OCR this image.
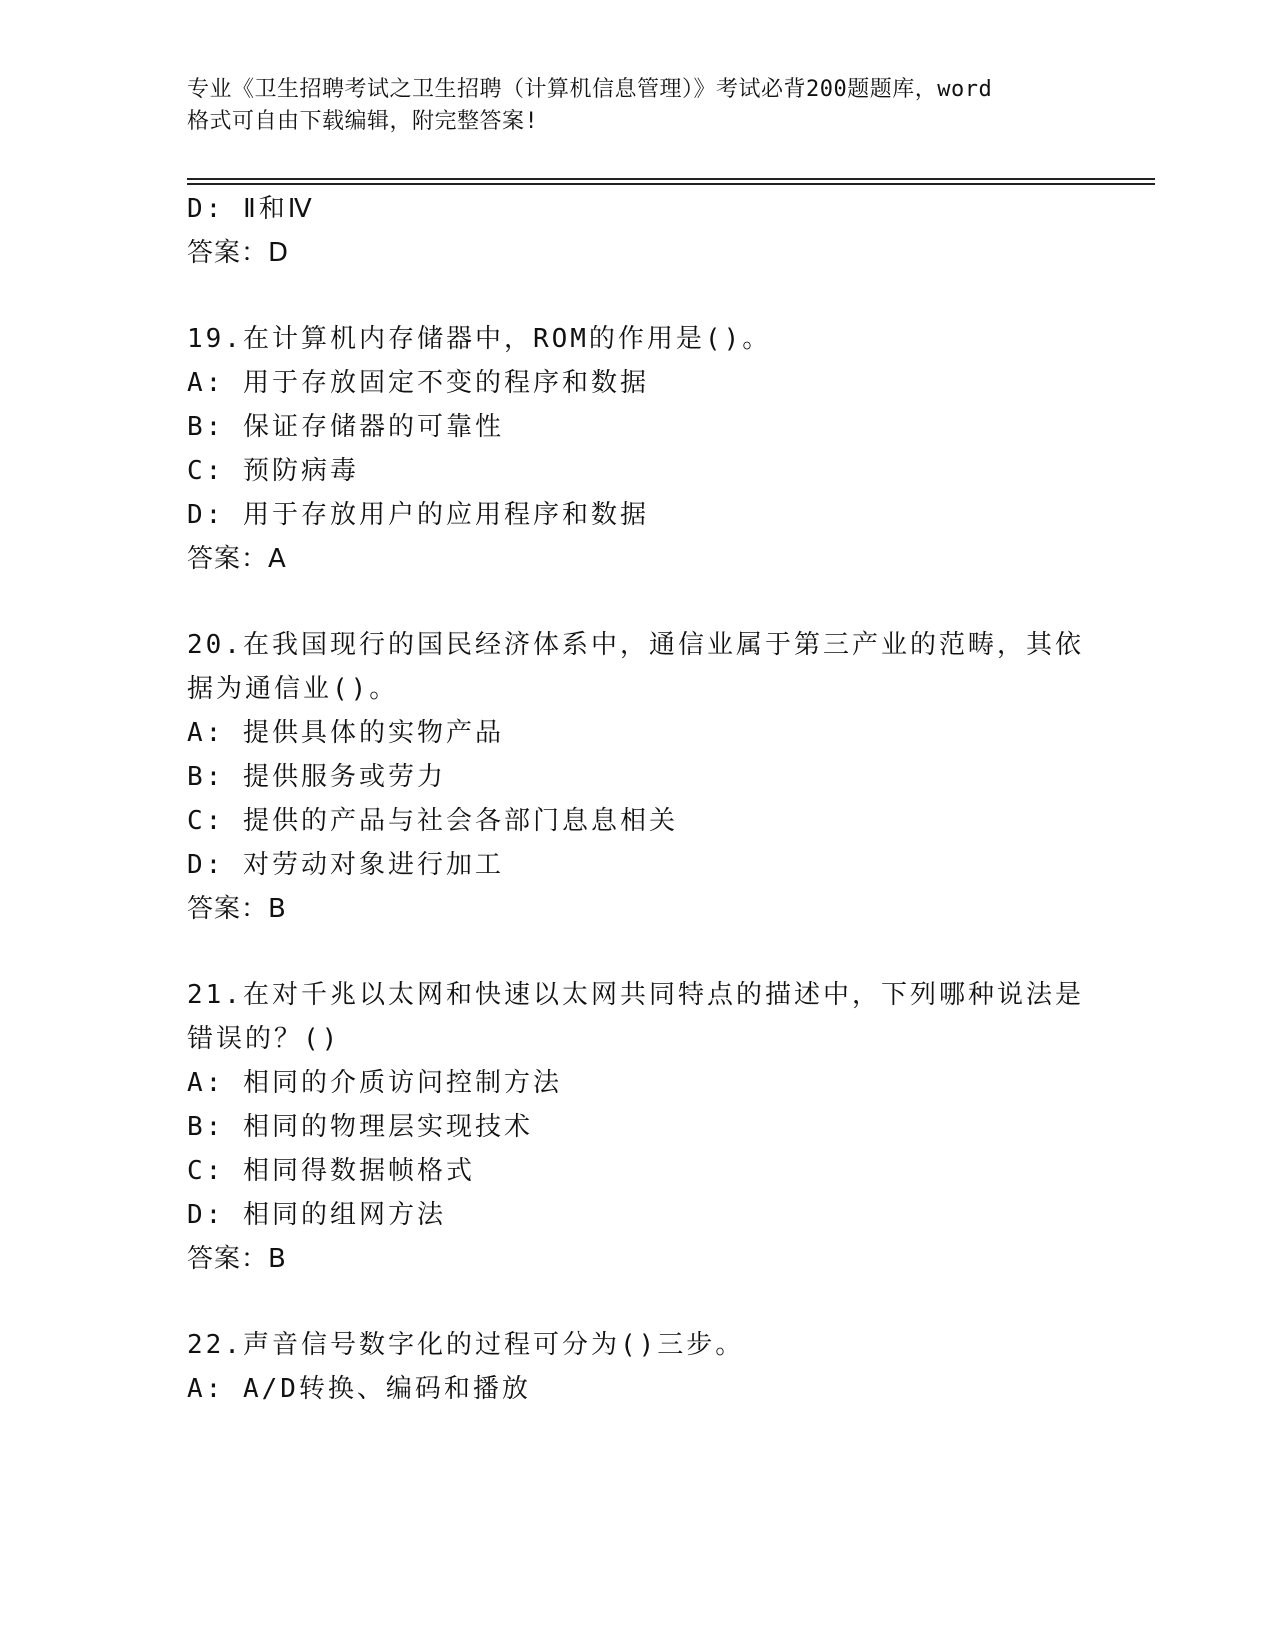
专业《卫生招聘考试之卫生招聘（计算机信息管理）》考试必背200题题库，word
格式可自由下载编辑，附完整答案!
D: Ⅱ和Ⅳ
答案：D
19.在计算机内存储器中，ROM的作用是()。
A: 用于存放固定不变的程序和数据
B: 保证存储器的可靠性
C: 预防病毒
D: 用于存放用户的应用程序和数据
答案：A
20.在我国现行的国民经济体系中，通信业属于第三产业的范畴，其依
据为通信业()。
A: 提供具体的实物产品
B: 提供服务或劳力
C: 提供的产品与社会各部门息息相关
D: 对劳动对象进行加工
答案：B
21.在对千兆以太网和快速以太网共同特点的描述中，下列哪种说法是
错误的？()
A: 相同的介质访问控制方法
B: 相同的物理层实现技术
C: 相同得数据帧格式
D: 相同的组网方法
答案：B
22.声音信号数字化的过程可分为()三步。
A: A/D转换、编码和播放
